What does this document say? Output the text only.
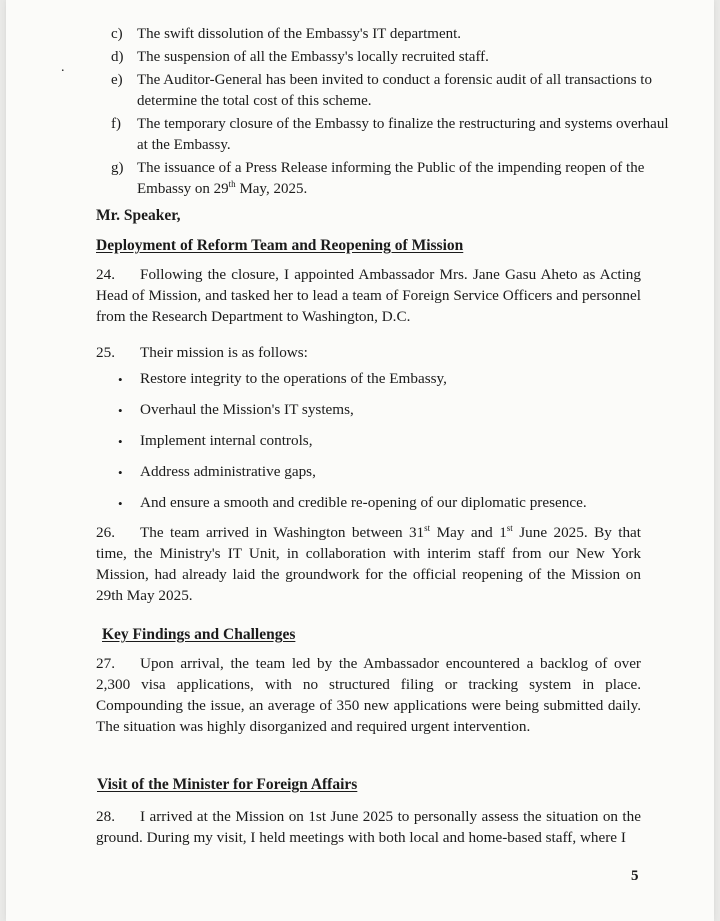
.
c) The swift dissolution of the Embassy's IT department.
d) The suspension of all the Embassy's locally recruited staff.
e) The Auditor-General has been invited to conduct a forensic audit of all transactions to determine the total cost of this scheme.
f)	The temporary closure of the Embassy to finalize the restructuring and systems overhaul at the Embassy.
g) The issuance of a Press Release informing the Public of the impending reopen of the Embassy on 29th May, 2025.
Mr. Speaker,
Deployment of Reform Team and Reopening of Mission
24. Following the closure, I appointed Ambassador Mrs. Jane Gasu Aheto as Acting Head of Mission, and tasked her to lead a team of Foreign Service Officers and personnel from the Research Department to Washington, D.C.
25. Their mission is as follows:
•	Restore integrity to the operations of the Embassy,
•	Overhaul the Mission's IT systems,
•	Implement internal controls,
•	Address administrative gaps,
•	And ensure a smooth and credible re-opening of our diplomatic presence.
26. The team arrived in Washington between 31st May and 1st June 2025. By that time, the Ministry's IT Unit, in collaboration with interim staff from our New York Mission, had already laid the groundwork for the official reopening of the Mission on 29th May 2025.
Key Findings and Challenges
27. Upon arrival, the team led by the Ambassador encountered a backlog of over 2,300 visa applications, with no structured filing or tracking system in place. Compounding the issue, an average of 350 new applications were being submitted daily. The situation was highly disorganized and required urgent intervention.
Visit of the Minister for Foreign Affairs
28. I arrived at the Mission on 1st June 2025 to personally assess the situation on the ground. During my visit, I held meetings with both local and home-based staff, where I
5
